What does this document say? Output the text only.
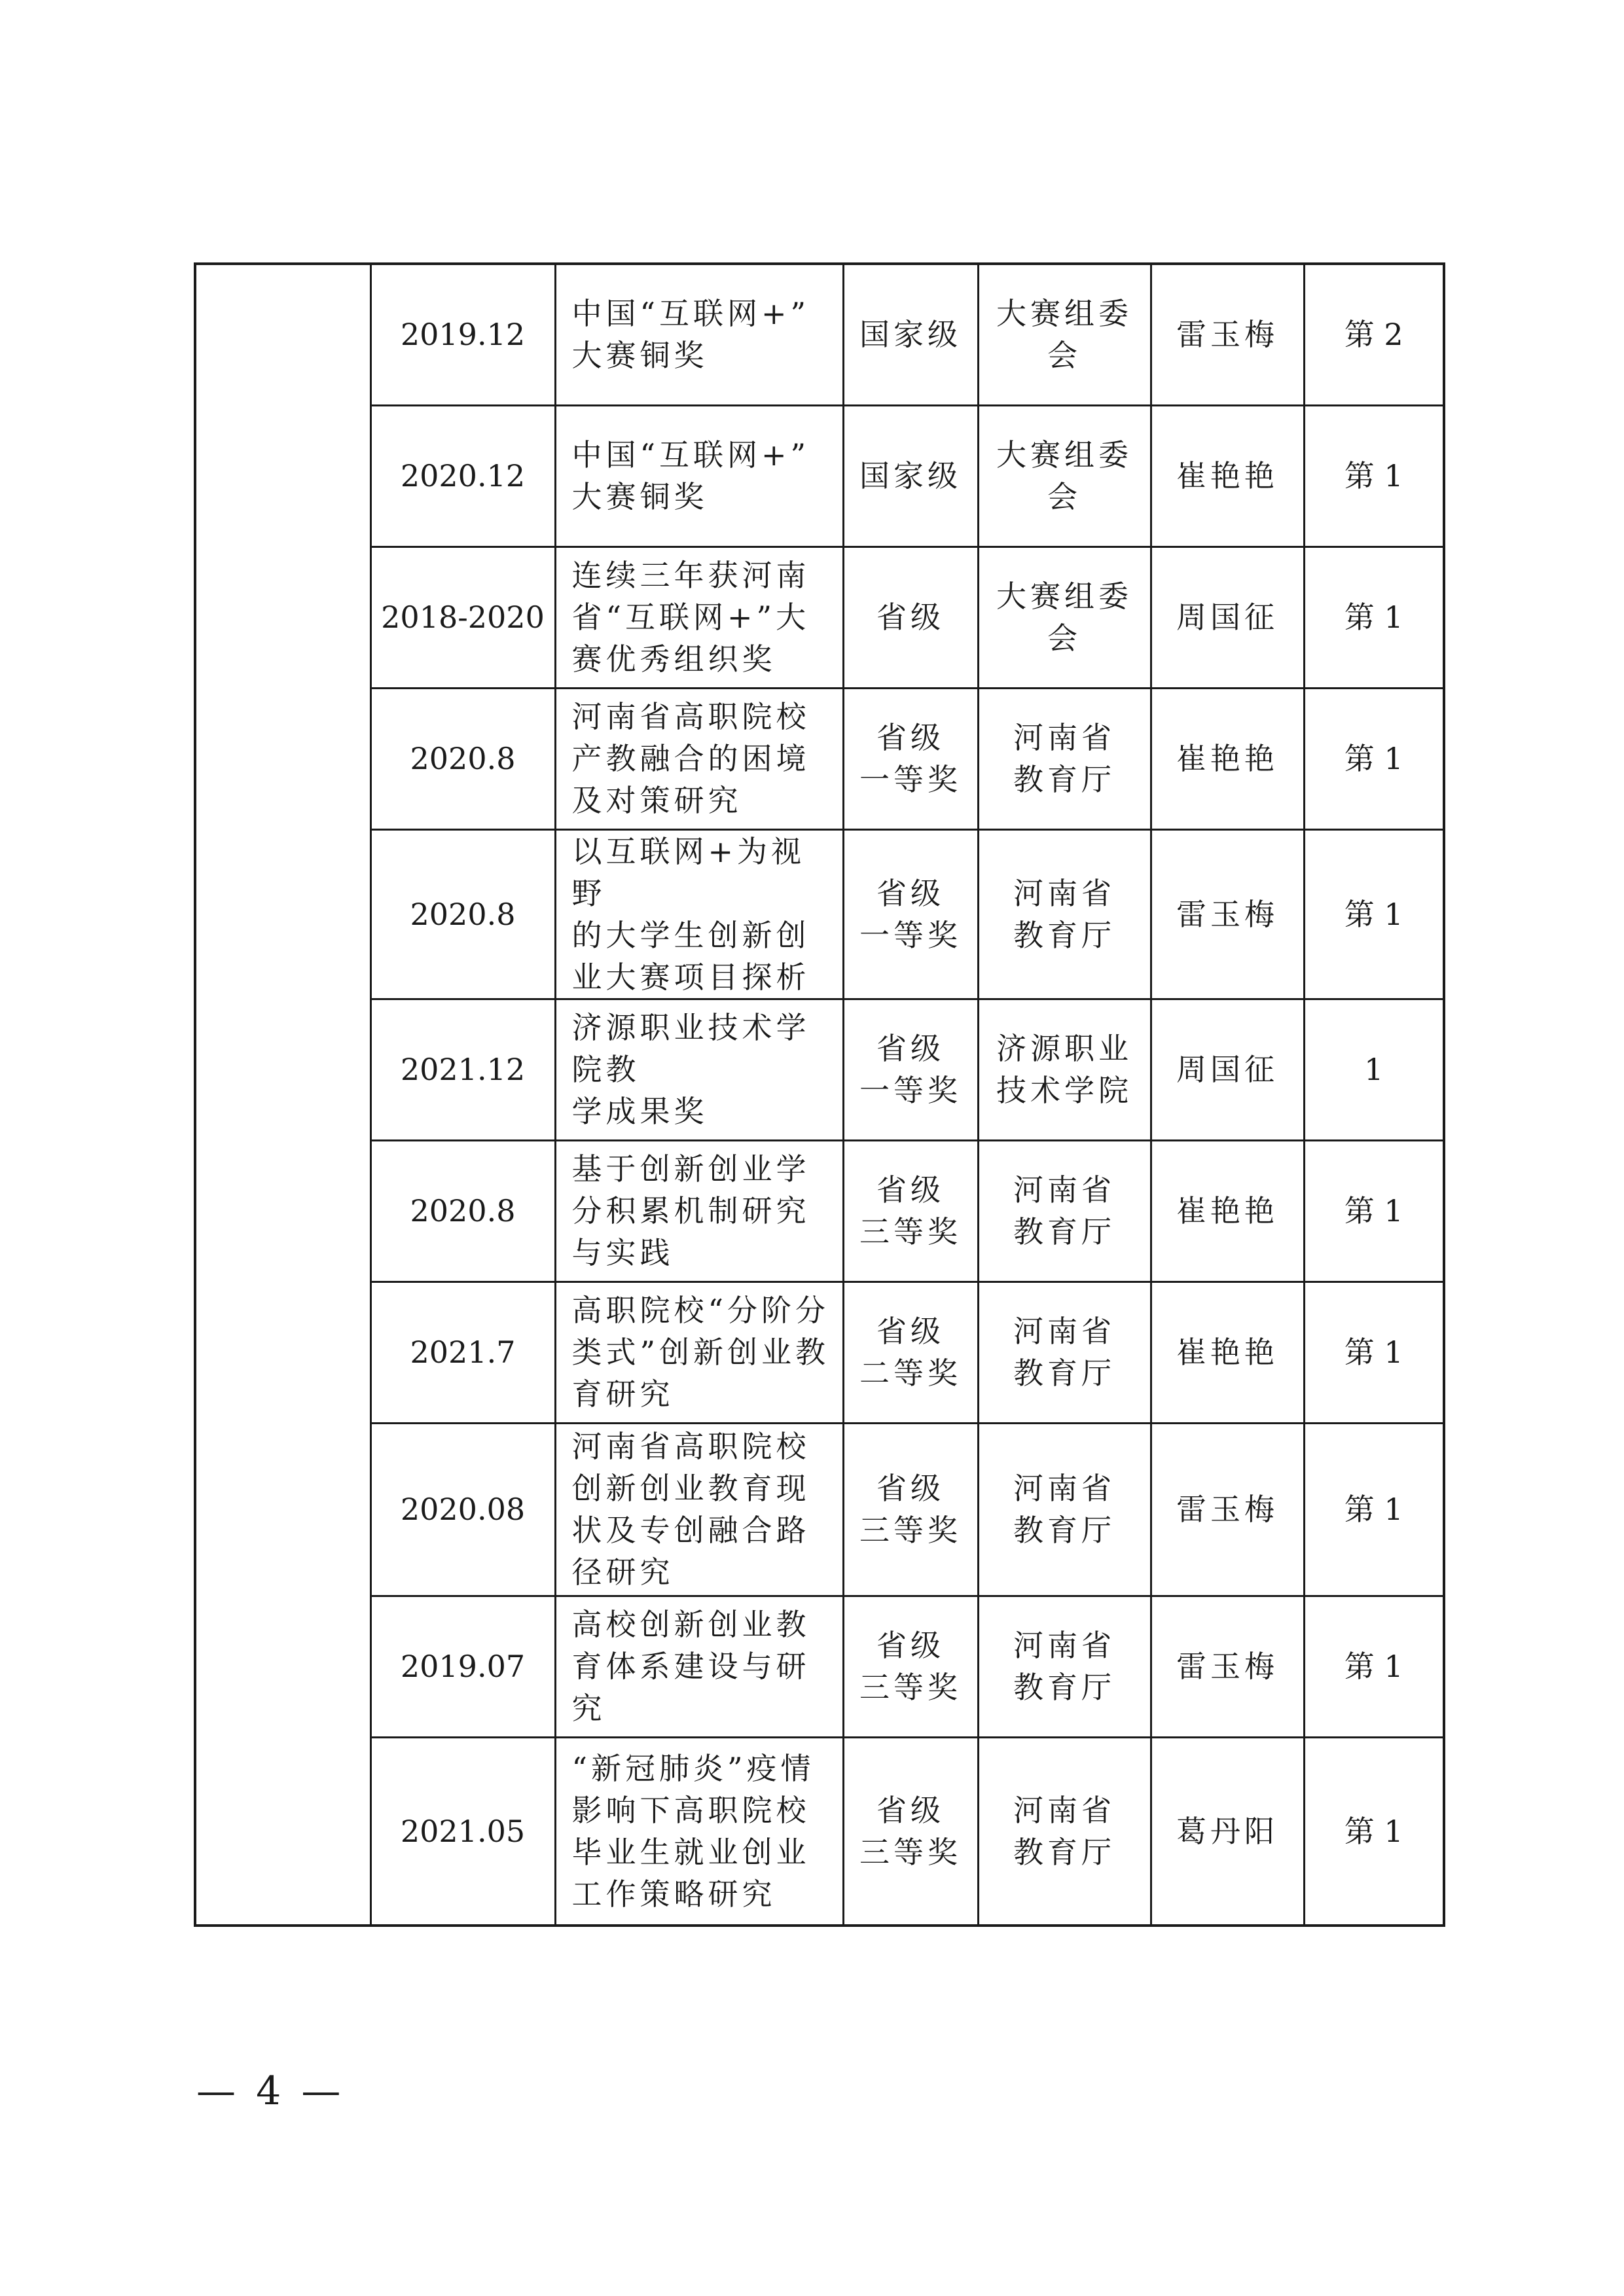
	2019.12	中国“互联网+”
大赛铜奖	国家级	大赛组委
会	雷玉梅	第 2
	2020.12	中国“互联网+”
大赛铜奖	国家级	大赛组委
会	崔艳艳	第 1
	2018-2020	连续三年获河南
省“互联网+”大
赛优秀组织奖	省级	大赛组委
会	周国征	第 1
	2020.8	河南省高职院校
产教融合的困境
及对策研究	省级
一等奖	河南省
教育厅	崔艳艳	第 1
	2020.8	以互联网+为视野
的大学生创新创
业大赛项目探析	省级
一等奖	河南省
教育厅	雷玉梅	第 1
	2021.12	济源职业技术学院教
学成果奖	省级
一等奖	济源职业
技术学院	周国征	1
	2020.8	基于创新创业学
分积累机制研究
与实践	省级
三等奖	河南省
教育厅	崔艳艳	第 1
	2021.7	高职院校“分阶分
类式”创新创业教
育研究	省级
二等奖	河南省
教育厅	崔艳艳	第 1
	2020.08	河南省高职院校
创新创业教育现
状及专创融合路
径研究	省级
三等奖	河南省
教育厅	雷玉梅	第 1
	2019.07	高校创新创业教
育体系建设与研
究	省级
三等奖	河南省
教育厅	雷玉梅	第 1
	2021.05	“新冠肺炎”疫情
影响下高职院校
毕业生就业创业
工作策略研究	省级
三等奖	河南省
教育厅	葛丹阳	第 1
— 4 —
